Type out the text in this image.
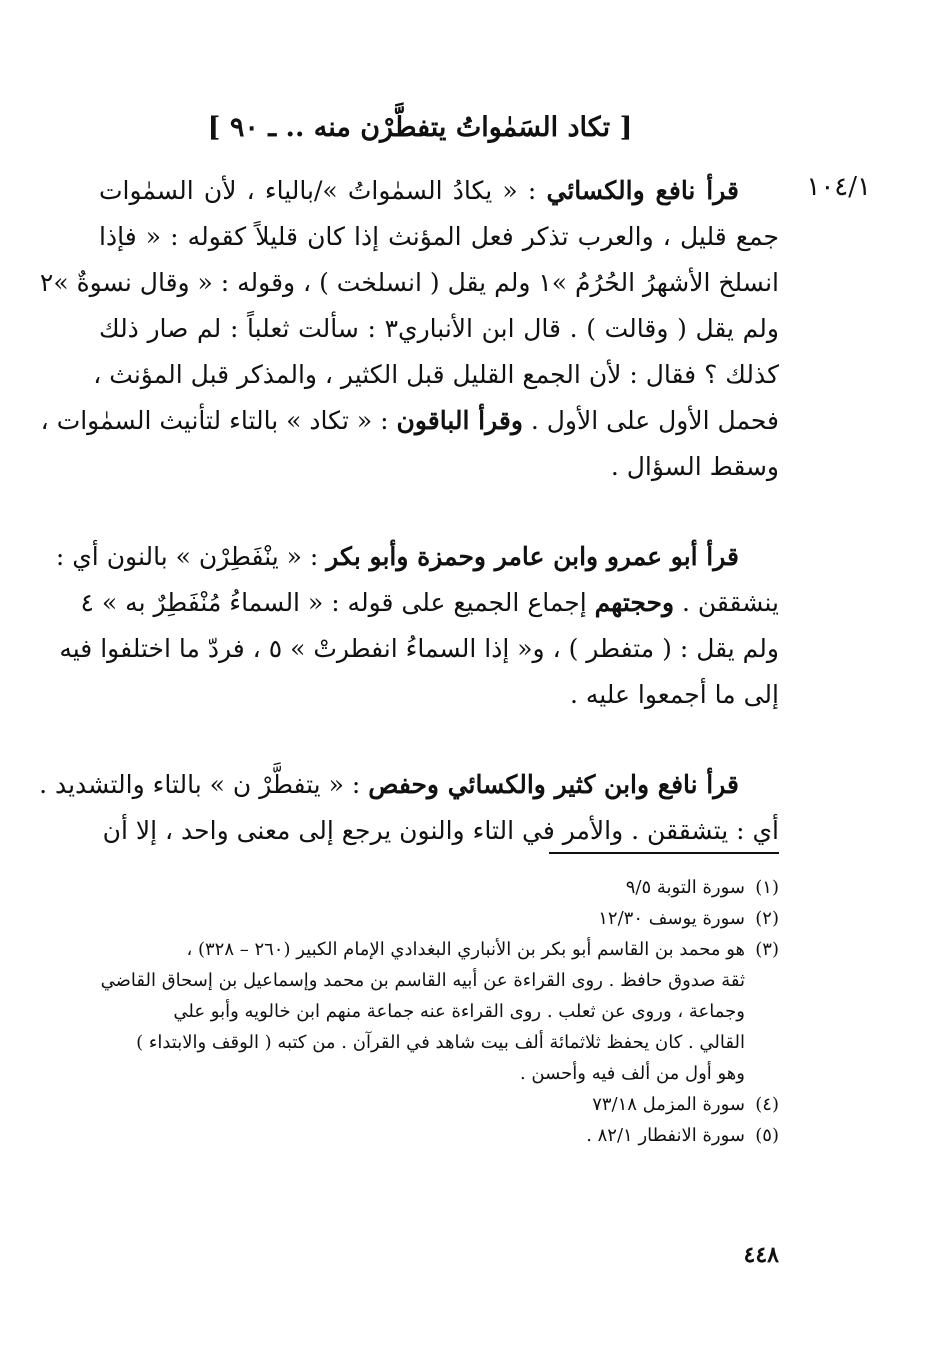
[ تكاد السَمٰواتُ يتفطَّرْن منه .. ـ ٩٠ ]
١٠٤/١
قرأ نافع والكسائي : « يكادُ السمٰواتُ »/بالياء ، لأن السمٰوات
جمع قليل ، والعرب تذكر فعل المؤنث إذا كان قليلاً كقوله : « فإذا
انسلخ الأشهرُ الحُرُمُ »١ ولم يقل ( انسلخت ) ، وقوله : « وقال نسوةٌ »٢
ولم يقل ( وقالت ) . قال ابن الأنباري٣ : سألت ثعلباً : لم صار ذلك
كذلك ؟ فقال : لأن الجمع القليل قبل الكثير ، والمذكر قبل المؤنث ،
فحمل الأول على الأول . وقرأ الباقون : « تكاد » بالتاء لتأنيث السمٰوات ،
وسقط السؤال .
قرأ أبو عمرو وابن عامر وحمزة وأبو بكر : « ينْفَطِرْن » بالنون أي :
ينشققن . وحجتهم إجماع الجميع على قوله : « السماءُ مُنْفَطِرٌ به » ٤
ولم يقل : ( متفطر ) ، و« إذا السماءُ انفطرتْ » ٥ ، فردّ ما اختلفوا فيه
إلى ما أجمعوا عليه .
قرأ نافع وابن كثير والكسائي وحفص : « يتفطَّرْ ن » بالتاء والتشديد .
أي : يتشققن . والأمر في التاء والنون يرجع إلى معنى واحد ، إلا أن
(١)سورة التوبة ٩/٥
(٢)سورة يوسف ١٢/٣٠
(٣)هو محمد بن القاسم أبو بكر بن الأنباري البغدادي الإمام الكبير (٢٦٠ – ٣٢٨) ،
ثقة صدوق حافظ . روى القراءة عن أبيه القاسم بن محمد وإسماعيل بن إسحاق القاضي
وجماعة ، وروى عن ثعلب . روى القراءة عنه جماعة منهم ابن خالويه وأبو علي
القالي . كان يحفظ ثلاثمائة ألف بيت شاهد في القرآن . من كتبه ( الوقف والابتداء )
وهو أول من ألف فيه وأحسن .
(٤)سورة المزمل ٧٣/١٨
(٥)سورة الانفطار ٨٢/١ .
٤٤٨
